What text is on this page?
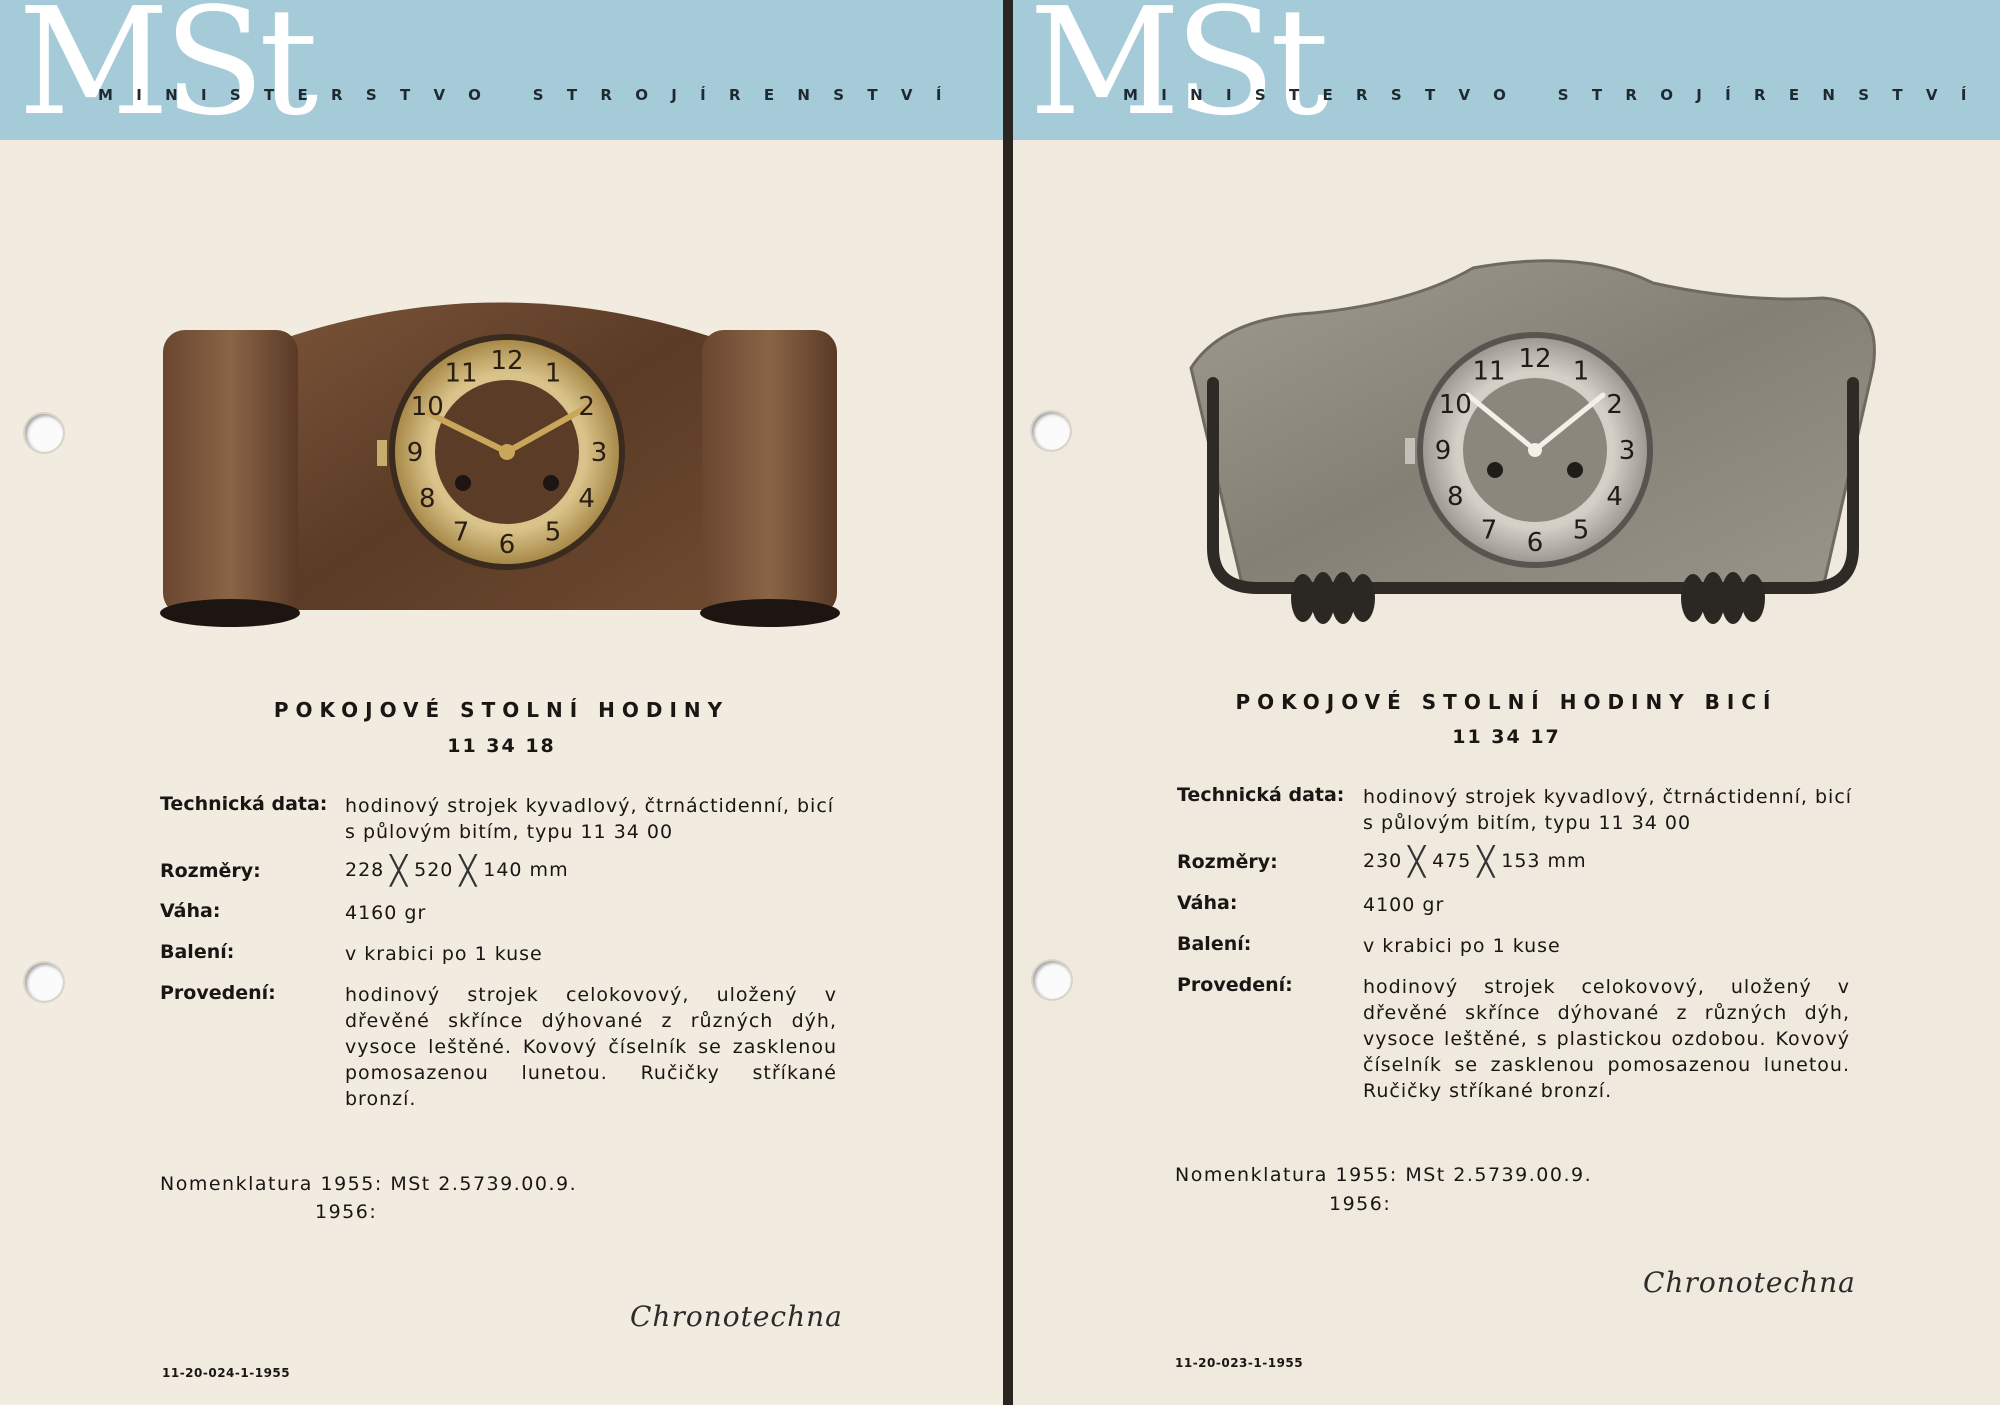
MSt
MINISTERSTVO STROJÍRENSTVÍ
12 1
2
3
4
5
6
7
8
9
10
11
POKOJOVÉ STOLNÍ HODINY
11 34 18
Technická data: hodinový strojek kyvadlový, čtrnáctidenní, bicí
s půlovým bitím, typu 11 34 00
Rozměry:	228 ╳ 520 ╳ 140 mm
Váha:	4160 gr
Balení:	v krabici po 1 kuse
Provedení:	hodinový strojek celokovový, uložený v dřevěné skřínce dýhované z různých dýh, vysoce leštěné. Kovový číselník se zasklenou pomosazenou lunetou. Ručičky stříkané bronzí.
Nomenklatura 1955: MSt 2.5739.00.9.
1956:
Chronotechna
11-20-024-1-1955
MSt
MINISTERSTVO STROJÍRENSTVÍ
12 1
2
3
4
5
6
7
8
9
10
11
POKOJOVÉ STOLNÍ HODINY BICÍ
11 34 17
Technická data: hodinový strojek kyvadlový, čtrnáctidenní, bicí
s půlovým bitím, typu 11 34 00
Rozměry:	230 ╳ 475 ╳ 153 mm
Váha:	4100 gr
Balení:	v krabici po 1 kuse
Provedení:	hodinový strojek celokovový, uložený v dřevěné skřínce dýhované z různých dýh, vysoce leštěné, s plastickou ozdobou. Kovový číselník se zasklenou pomosazenou lunetou. Ručičky stříkané bronzí.
Nomenklatura 1955: MSt 2.5739.00.9.
1956:
Chronotechna
11-20-023-1-1955
